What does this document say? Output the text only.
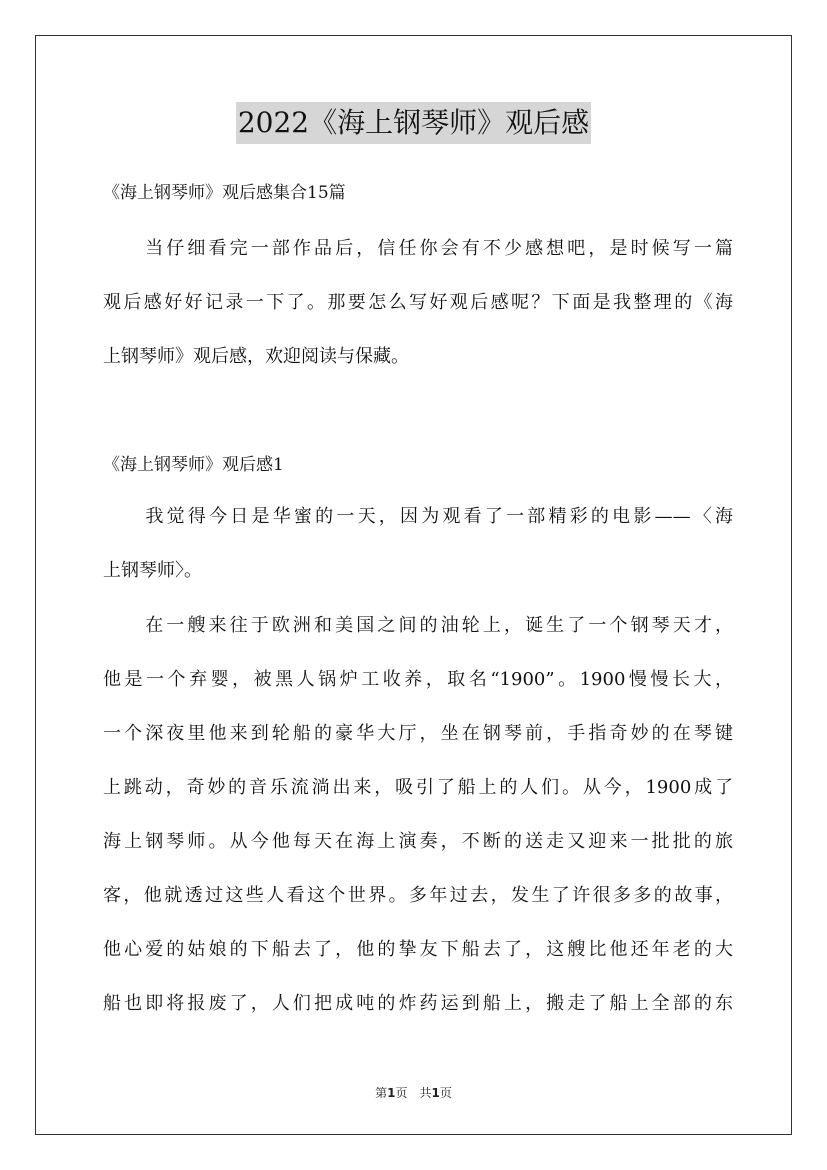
2022《海上钢琴师》观后感
《海上钢琴师》观后感集合15篇
　　当仔细看完一部作品后，信任你会有不少感想吧，是时候写一篇
观后感好好记录一下了。那要怎么写好观后感呢？下面是我整理的《海
上钢琴师》观后感，欢迎阅读与保藏。
《海上钢琴师》观后感1
　　我觉得今日是华蜜的一天，因为观看了一部精彩的电影——〈海
上钢琴师〉。
　　在一艘来往于欧洲和美国之间的油轮上，诞生了一个钢琴天才，
他是一个弃婴，被黑人锅炉工收养，取名“1900”。1900慢慢长大，
一个深夜里他来到轮船的豪华大厅，坐在钢琴前，手指奇妙的在琴键
上跳动，奇妙的音乐流淌出来，吸引了船上的人们。从今，1900成了
海上钢琴师。从今他每天在海上演奏，不断的送走又迎来一批批的旅
客，他就透过这些人看这个世界。多年过去，发生了许很多多的故事，
他心爱的姑娘的下船去了，他的挚友下船去了，这艘比他还年老的大
船也即将报废了，人们把成吨的炸药运到船上，搬走了船上全部的东
第1页　共1页
